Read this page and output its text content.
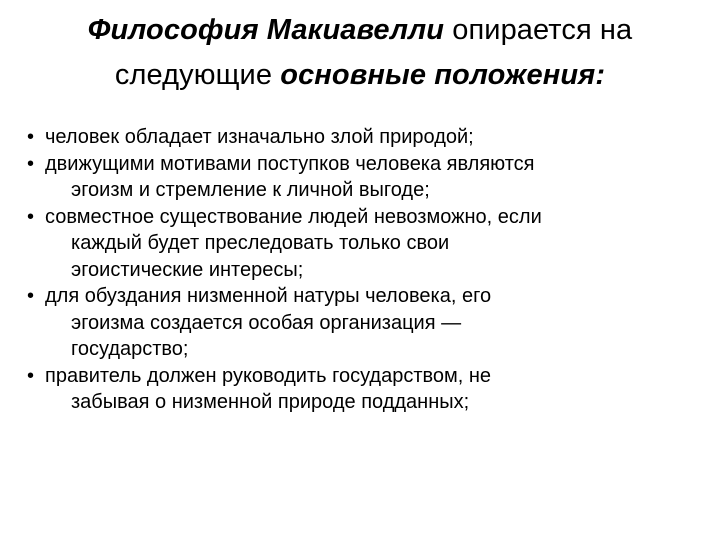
Философия Макиавелли опирается на
следующие основные положения:
• человек обладает изначально злой природой;
• движущими мотивами поступков человека являются
эгоизм и стремление к личной выгоде;
• совместное существование людей невозможно, если
каждый будет преследовать только свои
эгоистические интересы;
• для обуздания низменной натуры человека, его
эгоизма создается особая организация —
государство;
• правитель должен руководить государством, не
забывая о низменной природе подданных;
